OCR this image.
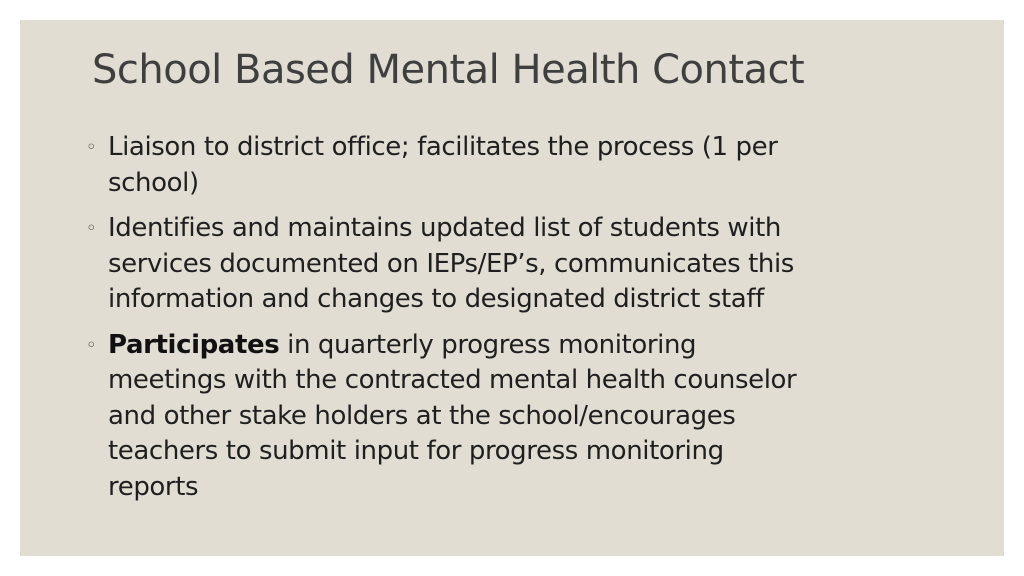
School Based Mental Health Contact
◦ Liaison to district office; facilitates the process (1 per school)
◦ Identifies and maintains updated list of students with services documented on IEPs/EP’s, communicates this information and changes to designated district staff
◦ Participates in quarterly progress monitoring meetings with the contracted mental health counselor and other stake holders at the school/encourages teachers to submit input for progress monitoring reports
